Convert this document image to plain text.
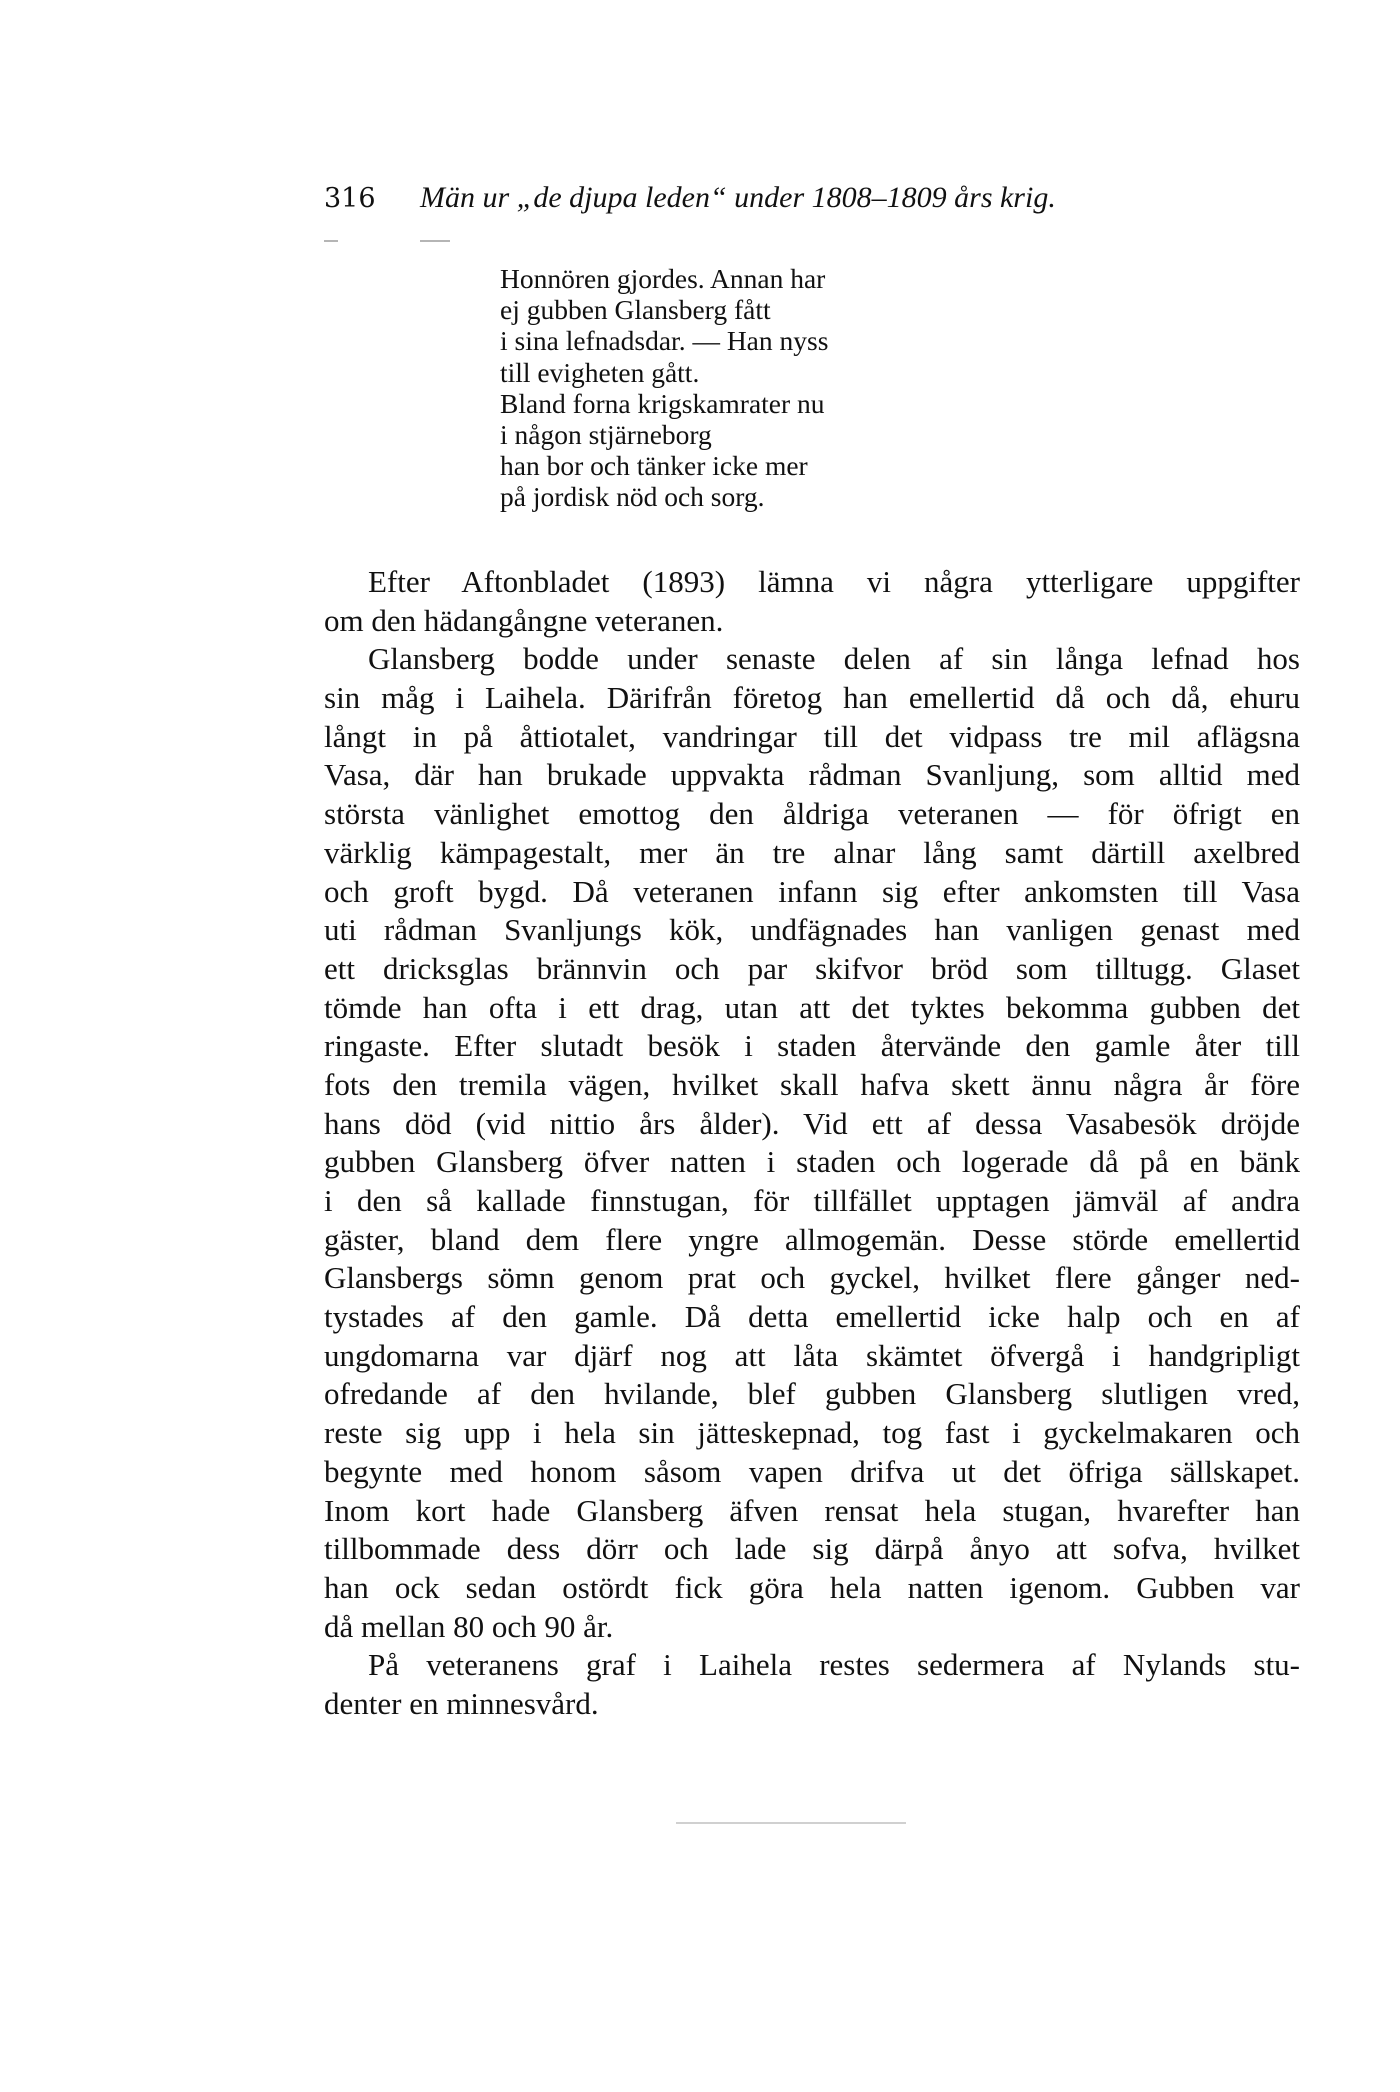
316 Män ur „de djupa leden“ under 1808–1809 års krig.
Honnören gjordes. Annan har
ej gubben Glansberg fått
i sina lefnadsdar. — Han nyss
till evigheten gått.
Bland forna krigskamrater nu
i någon stjärneborg
han bor och tänker icke mer
på jordisk nöd och sorg.
Efter Aftonbladet (1893) lämna vi några ytterligare uppgifter
om den hädangångne veteranen.
Glansberg bodde under senaste delen af sin långa lefnad hos
sin måg i Laihela. Därifrån företog han emellertid då och då, ehuru
långt in på åttiotalet, vandringar till det vidpass tre mil aflägsna
Vasa, där han brukade uppvakta rådman Svanljung, som alltid med
största vänlighet emottog den åldriga veteranen — för öfrigt en
värklig kämpagestalt, mer än tre alnar lång samt därtill axelbred
och groft bygd. Då veteranen infann sig efter ankomsten till Vasa
uti rådman Svanljungs kök, undfägnades han vanligen genast med
ett dricksglas brännvin och par skifvor bröd som tilltugg. Glaset
tömde han ofta i ett drag, utan att det tyktes bekomma gubben det
ringaste. Efter slutadt besök i staden återvände den gamle åter till
fots den tremila vägen, hvilket skall hafva skett ännu några år före
hans död (vid nittio års ålder). Vid ett af dessa Vasabesök dröjde
gubben Glansberg öfver natten i staden och logerade då på en bänk
i den så kallade finnstugan, för tillfället upptagen jämväl af andra
gäster, bland dem flere yngre allmogemän. Desse störde emellertid
Glansbergs sömn genom prat och gyckel, hvilket flere gånger ned-
tystades af den gamle. Då detta emellertid icke halp och en af
ungdomarna var djärf nog att låta skämtet öfvergå i handgripligt
ofredande af den hvilande, blef gubben Glansberg slutligen vred,
reste sig upp i hela sin jätteskepnad, tog fast i gyckelmakaren och
begynte med honom såsom vapen drifva ut det öfriga sällskapet.
Inom kort hade Glansberg äfven rensat hela stugan, hvarefter han
tillbommade dess dörr och lade sig därpå ånyo att sofva, hvilket
han ock sedan ostördt fick göra hela natten igenom. Gubben var
då mellan 80 och 90 år.
På veteranens graf i Laihela restes sedermera af Nylands stu-
denter en minnesvård.
